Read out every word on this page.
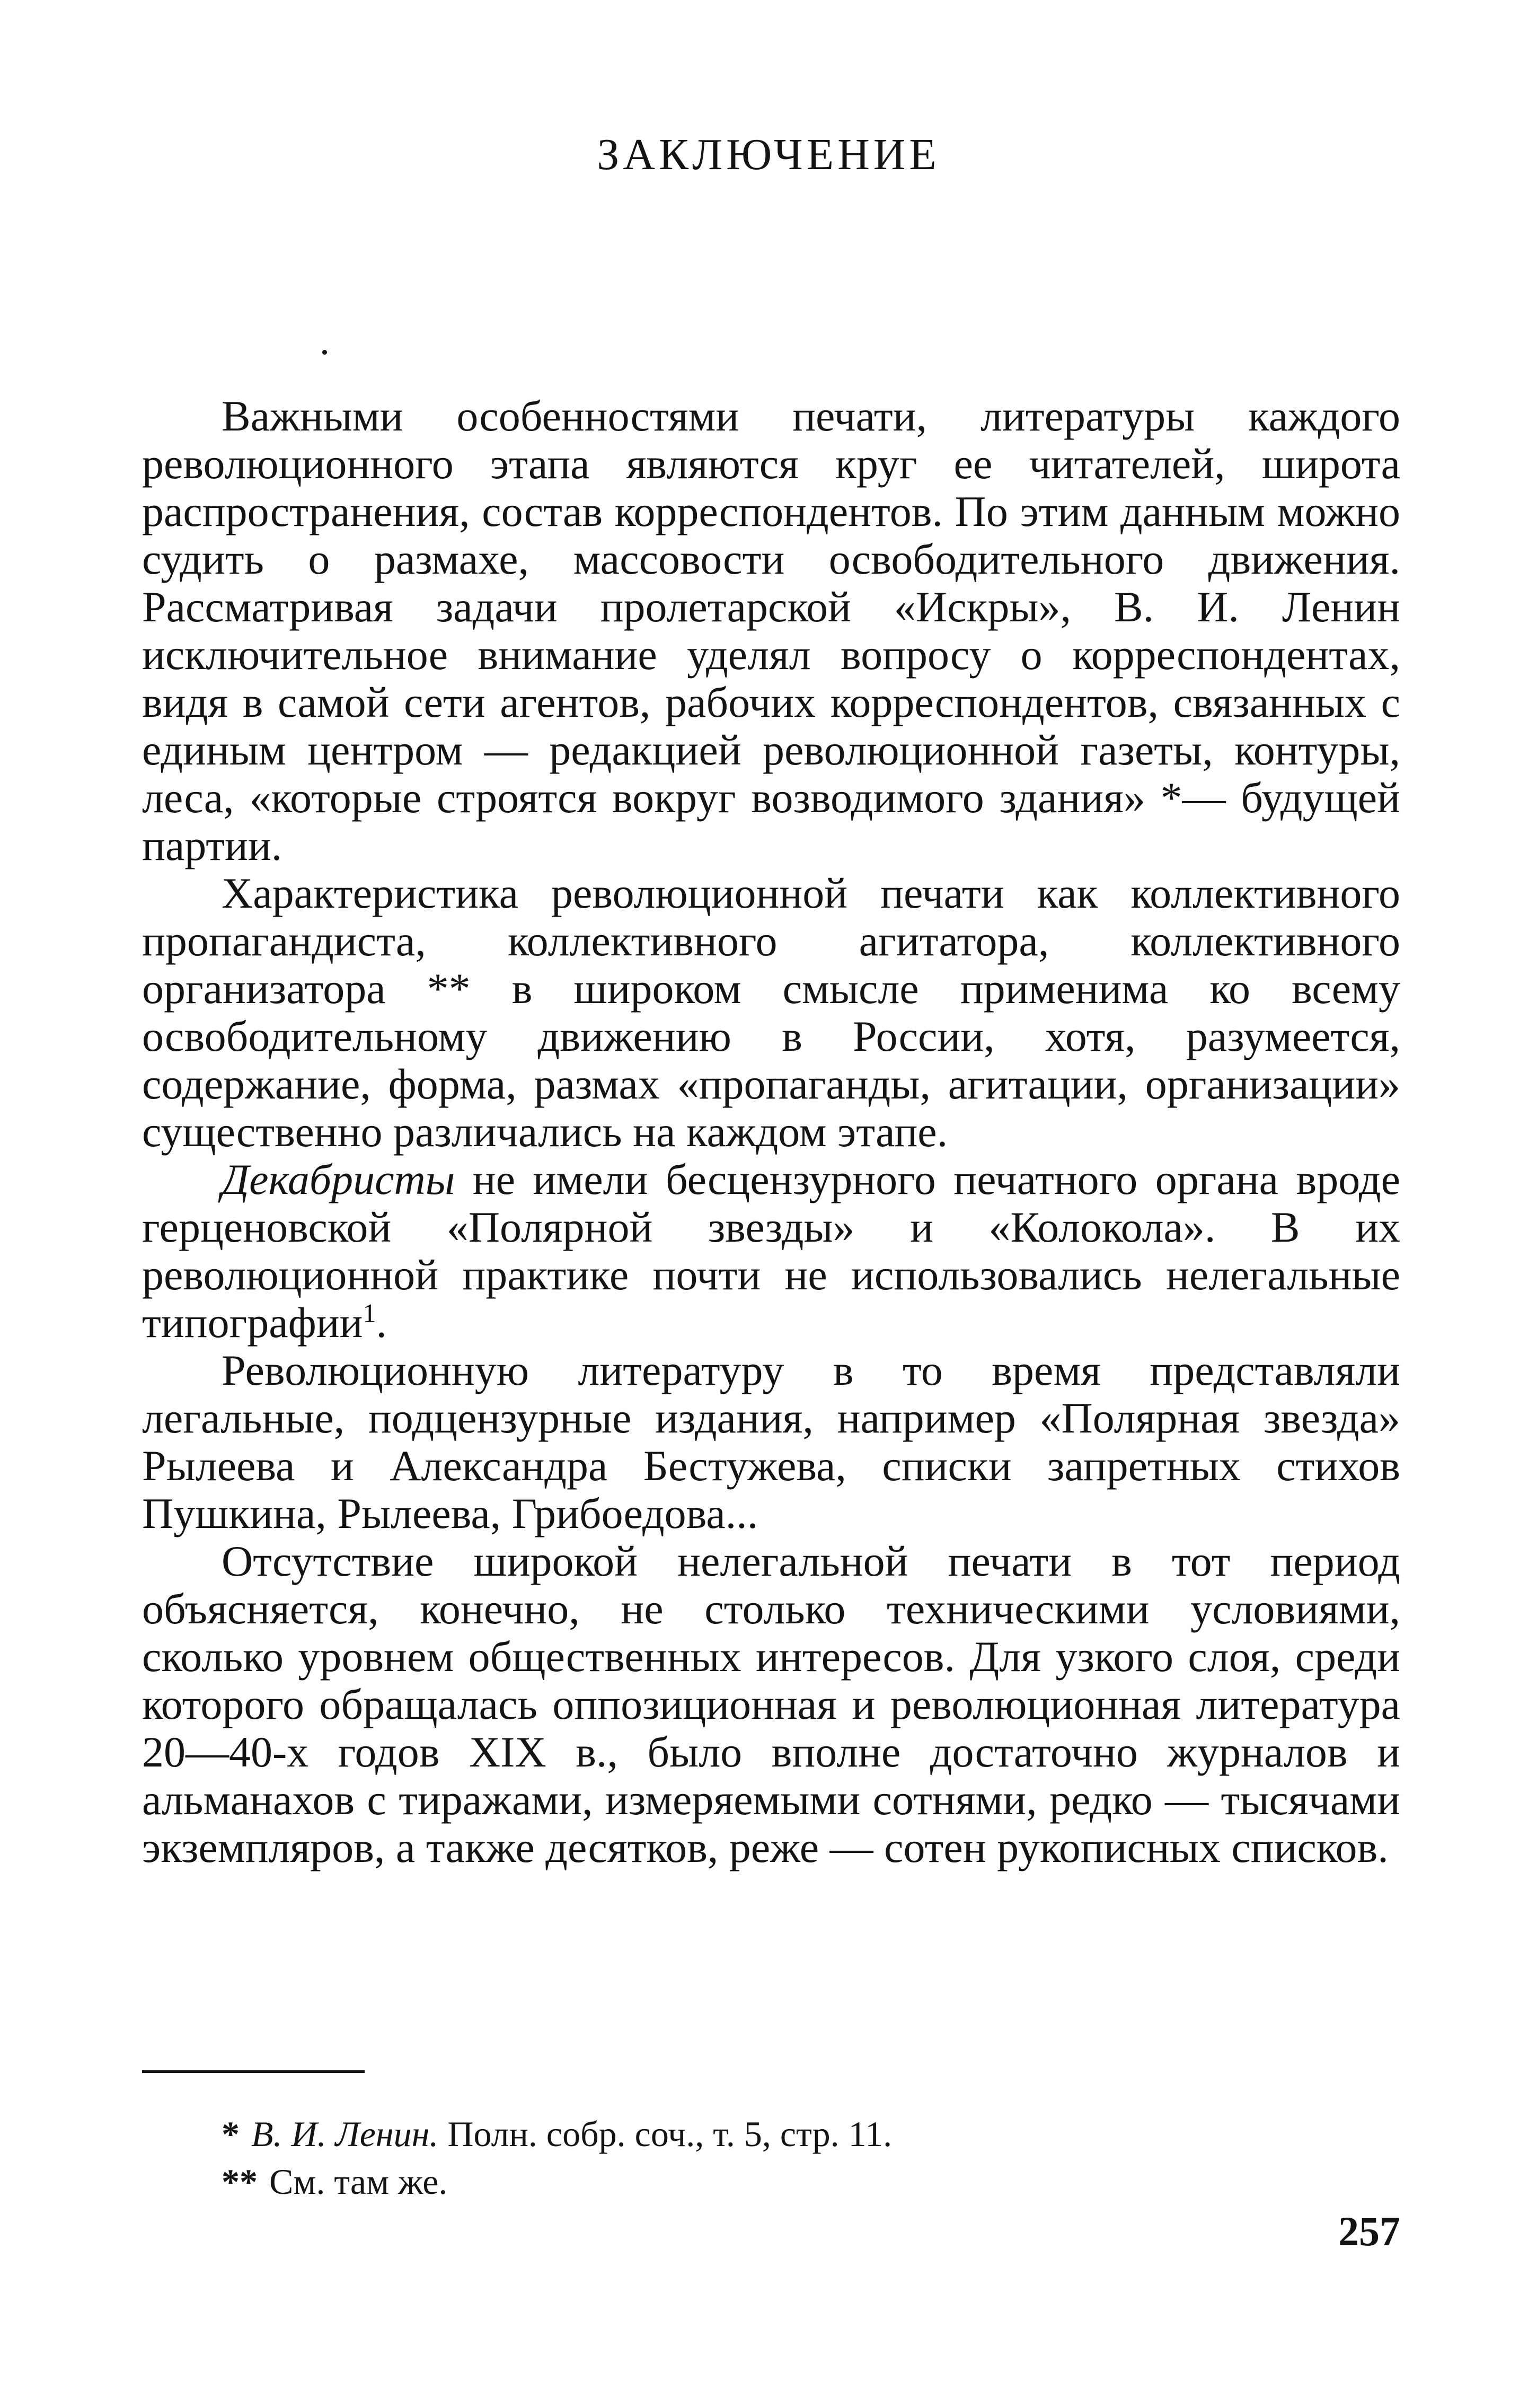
ЗАКЛЮЧЕНИЕ

Важными особенностями печати, литературы каждого революционного этапа являются круг ее читателей, широта распространения, состав корреспондентов. По этим данным можно судить о размахе, массовости освободительного движения. Рассматривая задачи пролетарской «Искры», В. И. Ленин исключительное внимание уделял вопросу о корреспондентах, видя в самой сети агентов, рабочих корреспондентов, связанных с единым центром — редакцией революционной газеты, контуры, леса, «которые строятся вокруг возводимого здания» *— будущей партии.

Характеристика революционной печати как коллективного пропагандиста, коллективного агитатора, коллективного организатора ** в широком смысле применима ко всему освободительному движению в России, хотя, разумеется, содержание, форма, размах «пропаганды, агитации, организации» существенно различались на каждом этапе.

Декабристы не имели бесцензурного печатного органа вроде герценовской «Полярной звезды» и «Колокола». В их революционной практике почти не использовались нелегальные типографии$^1$.

Революционную литературу в то время представляли легальные, подцензурные издания, например «Полярная звезда» Рылеева и Александра Бестужева, списки запретных стихов Пушкина, Рылеева, Грибоедова...

Отсутствие широкой нелегальной печати в тот период объясняется, конечно, не столько техническими условиями, сколько уровнем общественных интересов. Для узкого слоя, среди которого обращалась оппозиционная и революционная литература 20—40-х годов XIX в., было вполне достаточно журналов и альманахов с тиражами, измеряемыми сотнями, редко — тысячами экземпляров, а также десятков, реже — сотен рукописных списков.

* В. И. Ленин. Полн. собр. соч., т. 5, стр. 11.

** См. там же.

257
